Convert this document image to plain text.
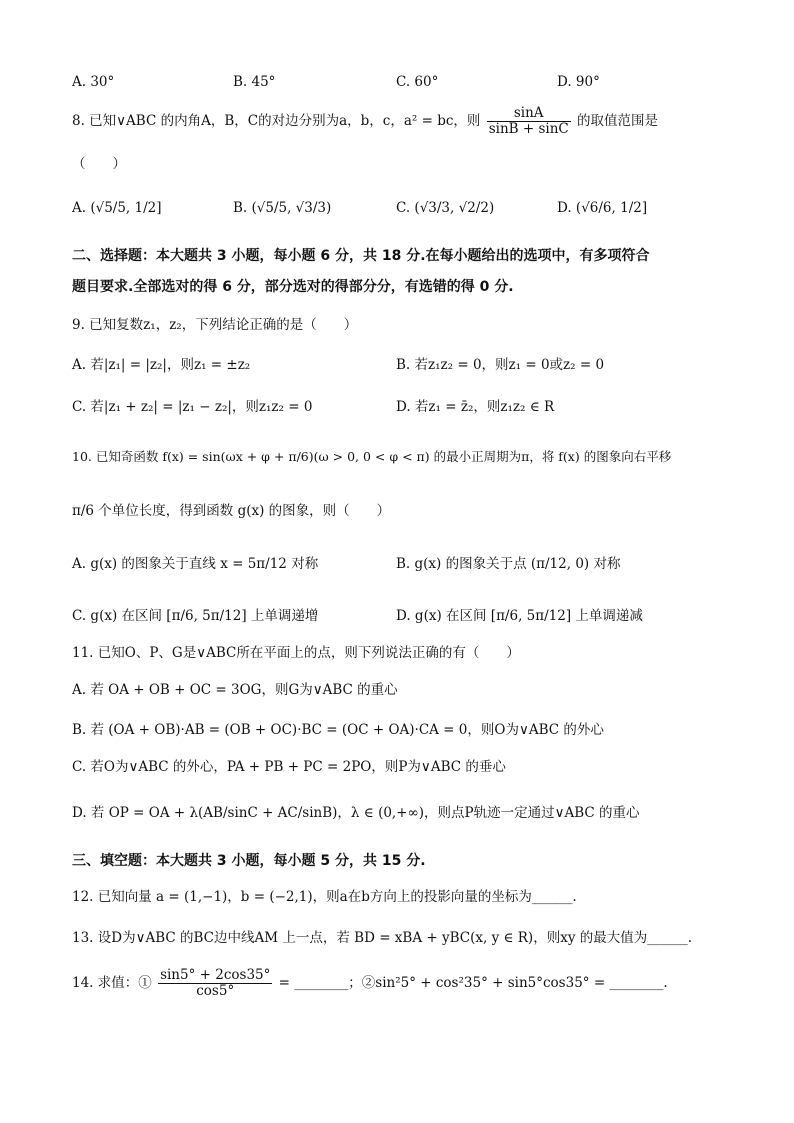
A. 30°	B. 45°	C. 60°	D. 90°
8. 已知∨ABC 的内角A，B，C的对边分别为a，b，c，a² = bc，则 $\frac{\sin A}{\sin B + \sin C}$ 的取值范围是
（　　）
A. (√5/5, 1/2]	B. (√5/5, √3/3)	C. (√3/3, √2/2)	D. (√6/6, 1/2]
二、选择题：本大题共 3 小题，每小题 6 分，共 18 分.在每小题给出的选项中，有多项符合
题目要求.全部选对的得 6 分，部分选对的得部分分，有选错的得 0 分.
9. 已知复数z₁，z₂，下列结论正确的是（　　）
A. 若|z₁| = |z₂|，则z₁ = ±z₂	B. 若z₁z₂ = 0，则z₁ = 0或z₂ = 0
C. 若|z₁ + z₂| = |z₁ − z₂|，则z₁z₂ = 0	D. 若z₁ = z̄₂，则z₁z₂ ∈ R
10. 已知奇函数 f(x) = sin(ωx + φ + π/6)(ω > 0, 0 < φ < π) 的最小正周期为π，将 f(x) 的图象向右平移
π/6 个单位长度，得到函数 g(x) 的图象，则（　　）
A. g(x) 的图象关于直线 x = 5π/12 对称	B. g(x) 的图象关于点 (π/12, 0) 对称
C. g(x) 在区间 [π/6, 5π/12] 上单调递增	D. g(x) 在区间 [π/6, 5π/12] 上单调递减
11. 已知O、P、G是∨ABC所在平面上的点，则下列说法正确的有（　　）
A. 若 OA + OB + OC = 3OG，则G为∨ABC 的重心
B. 若 (OA + OB)·AB = (OB + OC)·BC = (OC + OA)·CA = 0，则O为∨ABC 的外心
C. 若O为∨ABC 的外心，PA + PB + PC = 2PO，则P为∨ABC 的垂心
D. 若 OP = OA + λ(AB/sinC + AC/sinB)，λ ∈ (0,+∞)，则点P轨迹一定通过∨ABC 的重心
三、填空题：本大题共 3 小题，每小题 5 分，共 15 分.
12. 已知向量 a = (1,−1)，b = (−2,1)，则a在b方向上的投影向量的坐标为______.
13. 设D为∨ABC 的BC边中线AM 上一点，若 BD = xBA + yBC(x, y ∈ R)，则xy 的最大值为______.
14. 求值：① $\frac{\sin 5^\circ + 2\cos 35^\circ}{\cos 5^\circ}$ = ________；②sin²5° + cos²35° + sin5°cos35° = ________.
